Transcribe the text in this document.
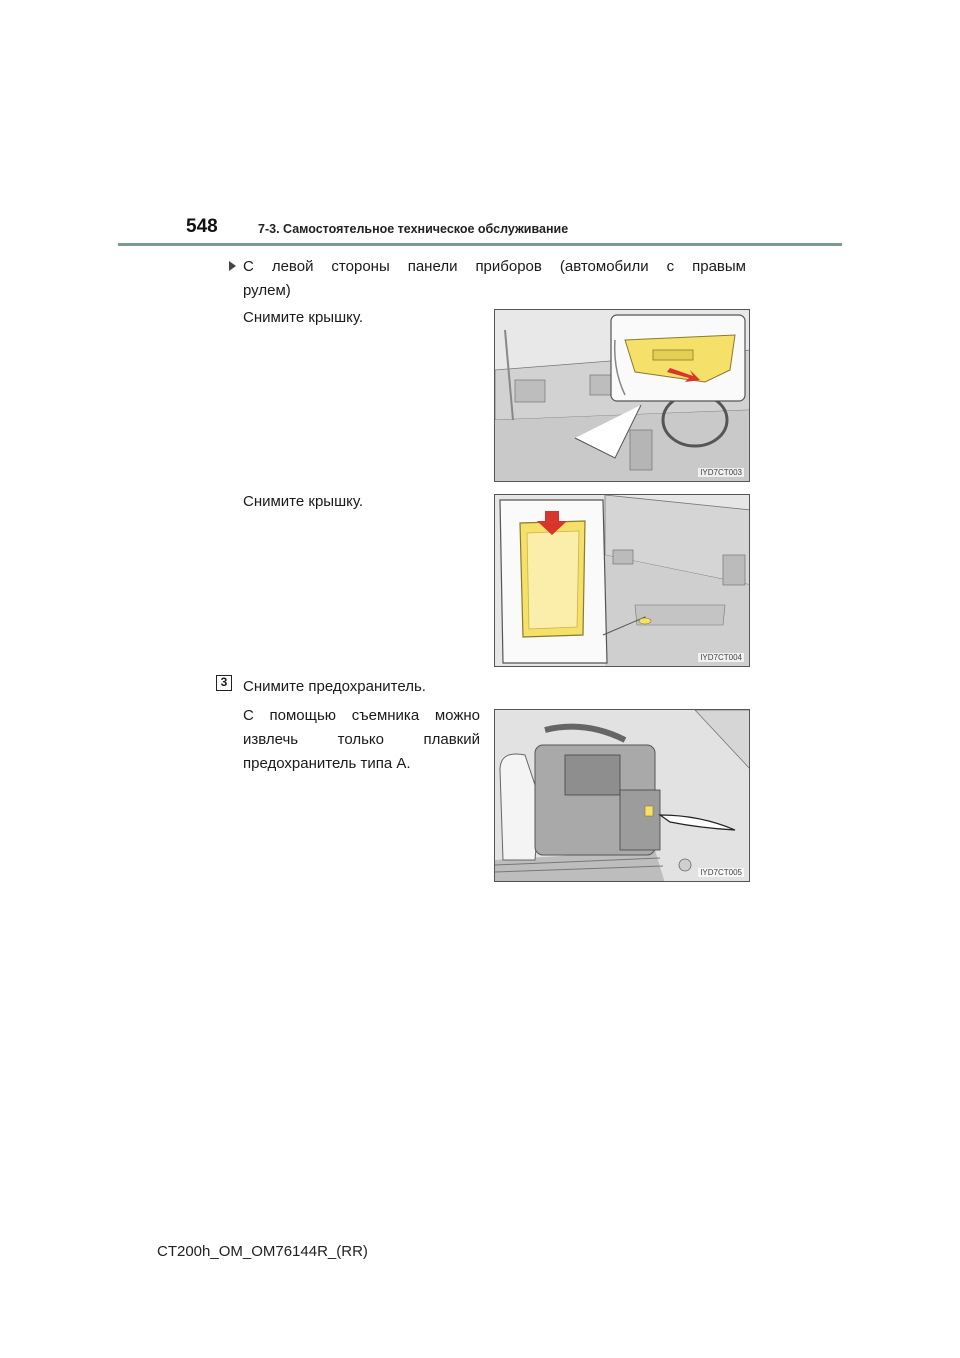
548	7-3. Самостоятельное техническое обслуживание
С левой стороны панели приборов (автомобили с правым
рулем)
Снимите крышку.
IYD7CT003
Снимите крышку.
IYD7CT004
3	Снимите предохранитель.
С помощью съемника можно
извлечь только плавкий
предохранитель типа A.
IYD7CT005
CT200h_OM_OM76144R_(RR)
